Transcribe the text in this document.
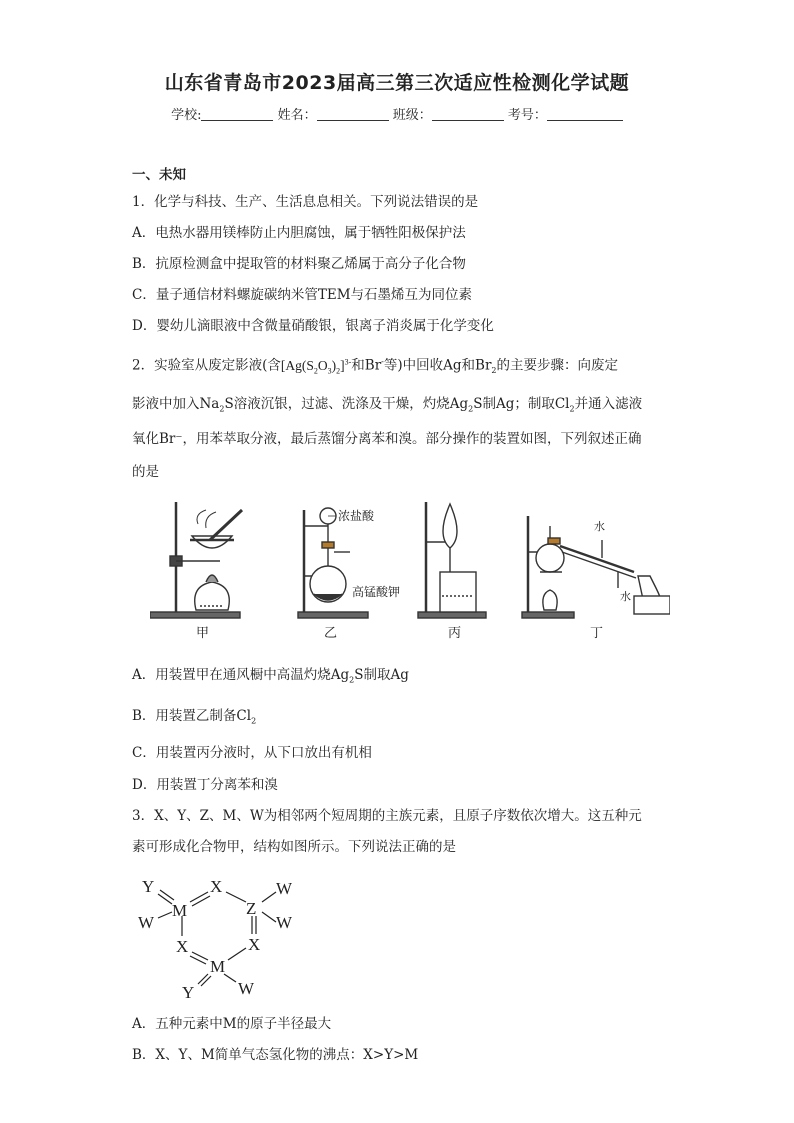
山东省青岛市2023届高三第三次适应性检测化学试题
学校:	姓名：	班级：	考号：
一、未知
1．化学与科技、生产、生活息息相关。下列说法错误的是
A．电热水器用镁棒防止内胆腐蚀，属于牺牲阳极保护法
B．抗原检测盒中提取管的材料聚乙烯属于高分子化合物
C．量子通信材料螺旋碳纳米管TEM与石墨烯互为同位素
D．婴幼儿滴眼液中含微量硝酸银，银离子消炎属于化学变化
2．实验室从废定影液(含$[Ag(S_2O_3)_2]^{3-}$和Br-等)中回收Ag和$Br_2$的主要步骤：向废定
影液中加入$Na_2S$溶液沉银，过滤、洗涤及干燥，灼烧$Ag_2S$制Ag；制取$Cl_2$并通入滤液
氧化Br⁻，用苯萃取分液，最后蒸馏分离苯和溴。部分操作的装置如图，下列叙述正确
的是
浓盐酸
高锰酸钾
水
水
甲	乙	丙	丁
A．用装置甲在通风橱中高温灼烧$Ag_2S$制取Ag
B．用装置乙制备$Cl_2$
C．用装置丙分液时，从下口放出有机相
D．用装置丁分离苯和溴
3．X、Y、Z、M、W为相邻两个短周期的主族元素，且原子序数依次增大。这五种元
素可形成化合物甲，结构如图所示。下列说法正确的是
Y
W
M
X
Z
W
W
X	X
M
Y	W
A．五种元素中M的原子半径最大
B．X、Y、M简单气态氢化物的沸点：X>Y>M
